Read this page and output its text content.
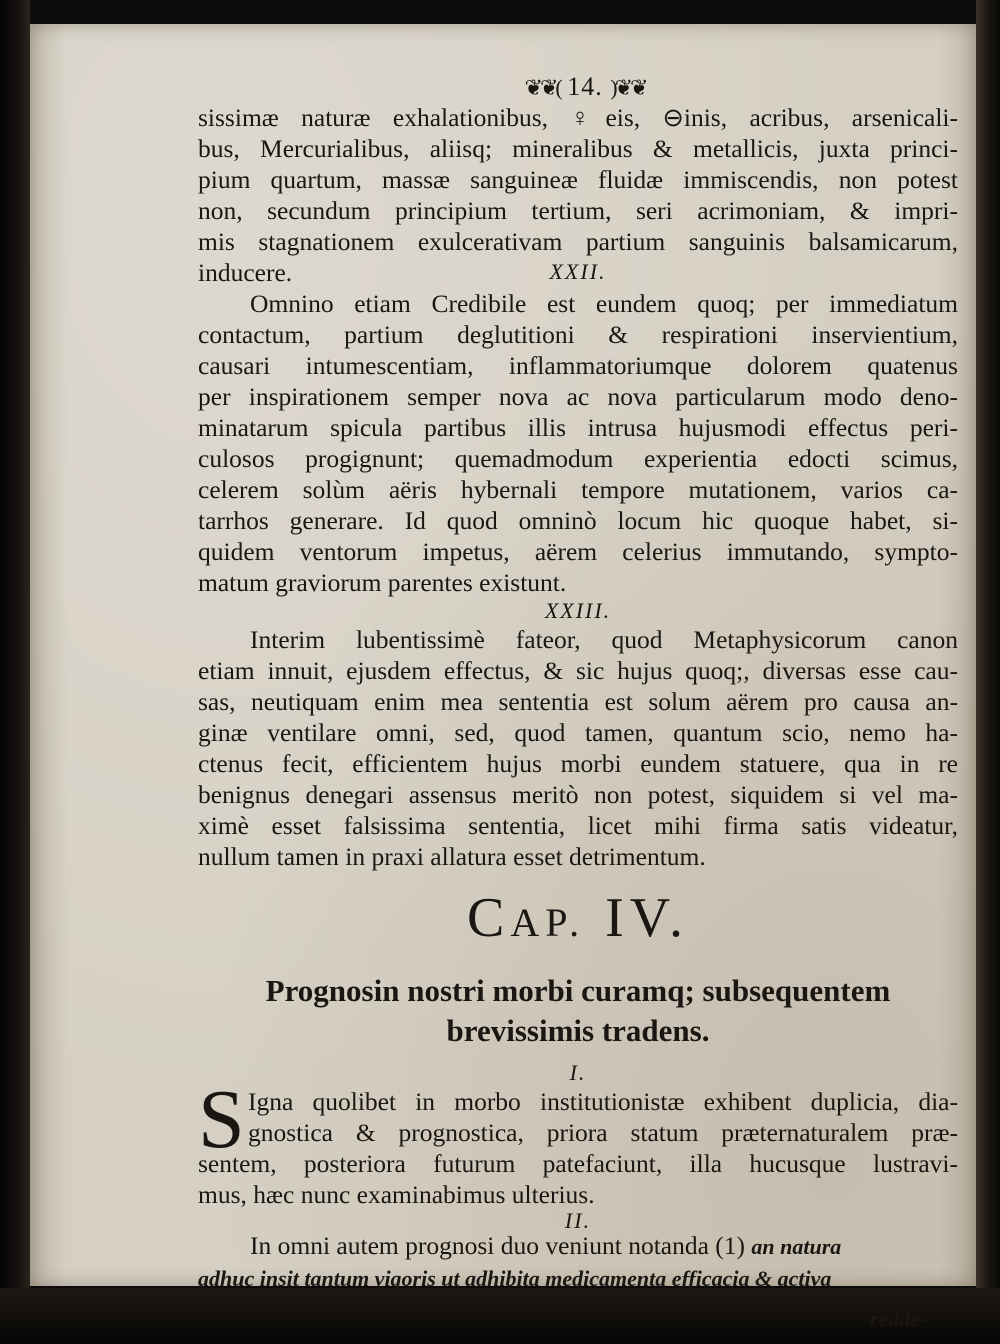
❦❦( 14. )❦❦
sissimæ naturæ exhalationibus, ♀eis, ⊖inis, acribus, arsenicali-
bus, Mercurialibus, aliisq; mineralibus & metallicis, juxta princi-
pium quartum, massæ sanguineæ fluidæ immiscendis, non potest
non, secundum principium tertium, seri acrimoniam, & impri-
mis stagnationem exulcerativam partium sanguinis balsamicarum,
inducere.	XXII.
Omnino etiam Credibile est eundem quoq; per immediatum
contactum, partium deglutitioni & respirationi inservientium,
causari intumescentiam, inflammatoriumque dolorem quatenus
per inspirationem semper nova ac nova particularum modo deno-
minatarum spicula partibus illis intrusa hujusmodi effectus peri-
culosos progignunt; quemadmodum experientia edocti scimus,
celerem solùm aëris hybernali tempore mutationem, varios ca-
tarrhos generare. Id quod omninò locum hic quoque habet, si-
quidem ventorum impetus, aërem celerius immutando, sympto-
matum graviorum parentes existunt.
XXIII.
Interim lubentissimè fateor, quod Metaphysicorum canon
etiam innuit, ejusdem effectus, & sic hujus quoq;, diversas esse cau-
sas, neutiquam enim mea sententia est solum aërem pro causa an-
ginæ ventilare omni, sed, quod tamen, quantum scio, nemo ha-
ctenus fecit, efficientem hujus morbi eundem statuere, qua in re
benignus denegari assensus meritò non potest, siquidem si vel ma-
ximè esset falsissima sententia, licet mihi firma satis videatur,
nullum tamen in praxi allatura esset detrimentum.
CAP. IV.
Prognosin nostri morbi curamq; subsequentem
brevissimis tradens.
I.
S Igna quolibet in morbo institutionistæ exhibent duplicia, dia-
gnostica & prognostica, priora statum præternaturalem præ-
sentem, posteriora futurum patefaciunt, illa hucusque lustravi-
mus, hæc nunc examinabimus ulterius.
II.
In omni autem prognosi duo veniunt notanda (1) an natura
adhuc insit tantum vigoris ut adhibita medicamenta efficacia & activa
redde-
